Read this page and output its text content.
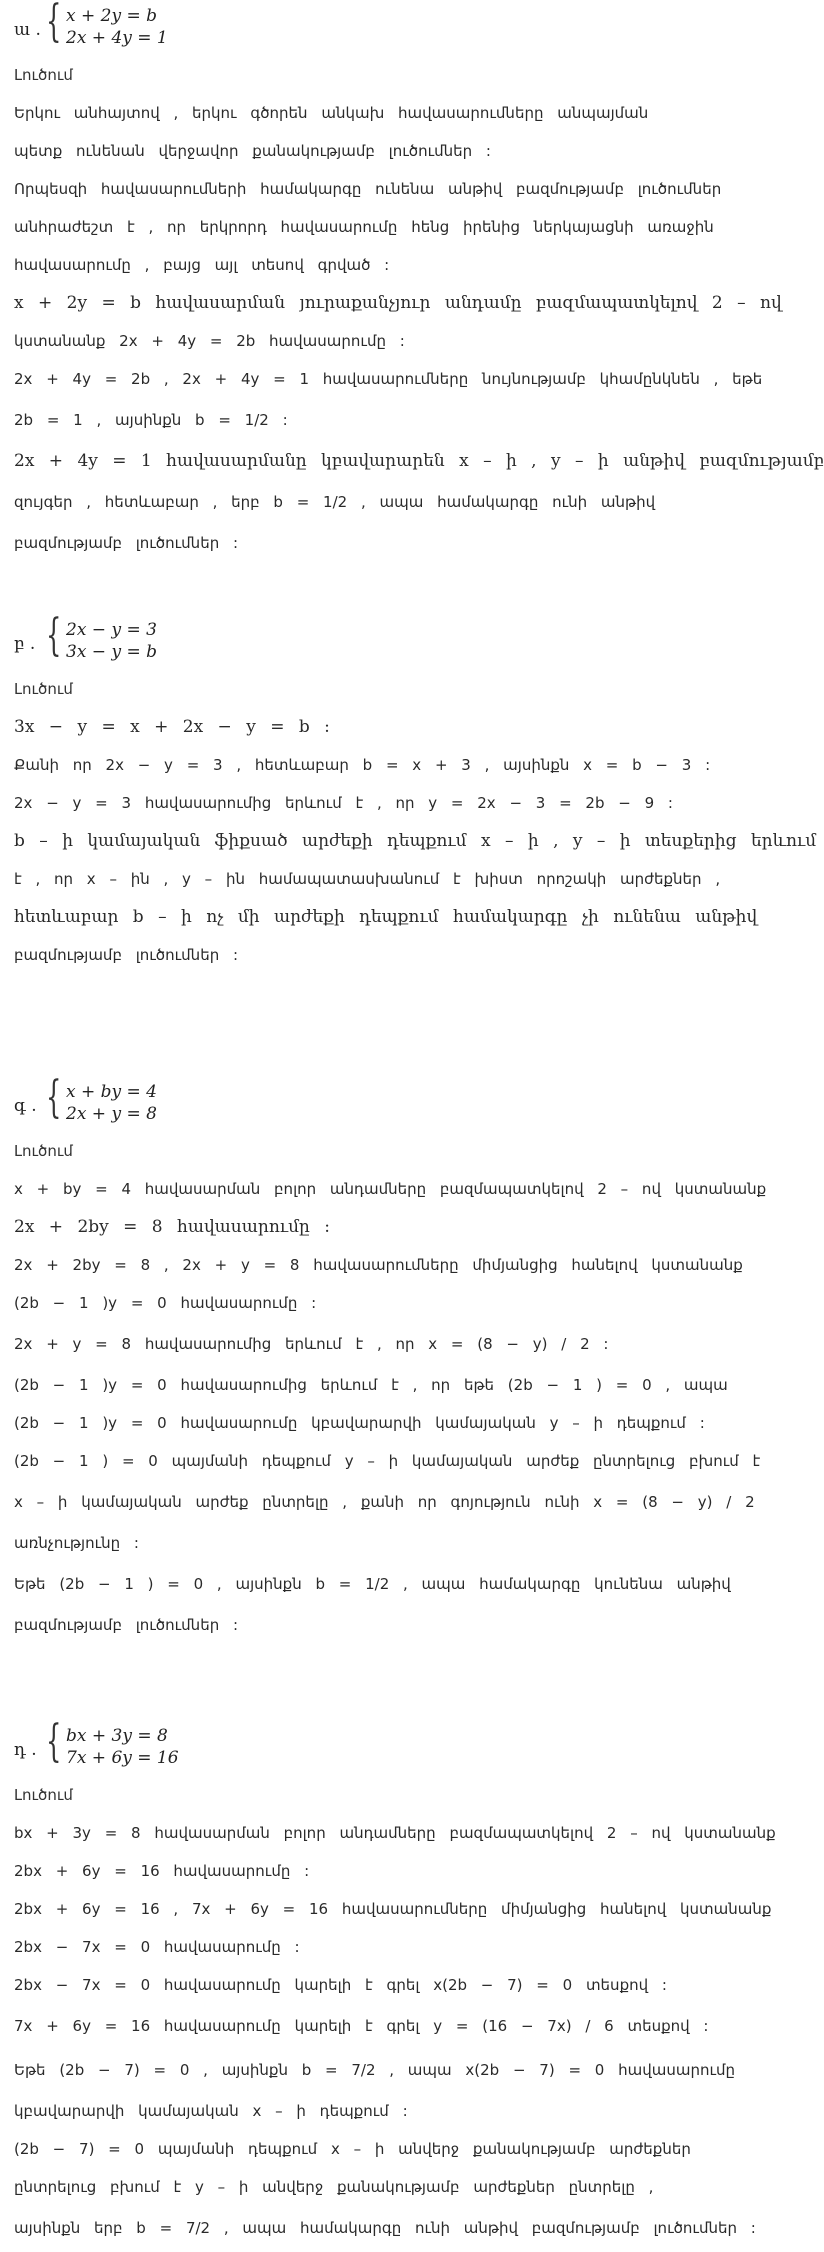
ա . { x + 2y = b
2x + 4y = 1
Լուծում
Երկու անհայտով , երկու գծորեն անկախ հավասարումները անպայման
պետք ունենան վերջավոր քանակությամբ լուծումներ :
Որպեսզի հավասարումների համակարգը ունենա անթիվ բազմությամբ լուծումներ
անհրաժեշտ է , որ երկրորդ հավասարումը հենց իրենից ներկայացնի առաջին
հավասարումը , բայց այլ տեսով գրված :
x + 2y = b հավասարման յուրաքանչյուր անդամը բազմապատկելով 2 – ով
կստանանք 2x + 4y = 2b հավասարումը :
2x + 4y = 2b , 2x + 4y = 1 հավասարումները նույնությամբ կհամընկնեն , եթե
2b = 1 , այսինքն b = 1/2 :
2x + 4y = 1 հավասարմանը կբավարարեն x – ի , y – ի անթիվ բազմությամբ
զույգեր , հետևաբար , երբ b = 1/2 , ապա համակարգը ունի անթիվ
բազմությամբ լուծումներ :
բ . { 2x − y = 3
3x − y = b
Լուծում
3x − y = x + 2x − y = b :
Քանի որ 2x − y = 3 , հետևաբար b = x + 3 , այսինքն x = b − 3 :
2x − y = 3 հավասարումից երևում է , որ y = 2x − 3 = 2b − 9 :
b – ի կամայական ֆիքսած արժեքի դեպքում x – ի , y – ի տեսքերից երևում
է , որ x – ին , y – ին համապատասխանում է խիստ որոշակի արժեքներ ,
հետևաբար b – ի ոչ մի արժեքի դեպքում համակարգը չի ունենա անթիվ
բազմությամբ լուծումներ :
գ . { x + by = 4
2x + y = 8
Լուծում
x + by = 4 հավասարման բոլոր անդամները բազմապատկելով 2 – ով կստանանք
2x + 2by = 8 հավասարումը :
2x + 2by = 8 , 2x + y = 8 հավասարումները միմյանցից հանելով կստանանք
(2b − 1 )y = 0 հավասարումը :
2x + y = 8 հավասարումից երևում է , որ x = (8 − y) / 2 :
(2b − 1 )y = 0 հավասարումից երևում է , որ եթե (2b − 1 ) = 0 , ապա
(2b − 1 )y = 0 հավասարումը կբավարարվի կամայական y – ի դեպքում :
(2b − 1 ) = 0 պայմանի դեպքում y – ի կամայական արժեք ընտրելուց բխում է
x – ի կամայական արժեք ընտրելը , քանի որ գոյություն ունի x = (8 − y) / 2
առնչությունը :
Եթե (2b − 1 ) = 0 , այսինքն b = 1/2 , ապա համակարգը կունենա անթիվ
բազմությամբ լուծումներ :
դ . { bx + 3y = 8
7x + 6y = 16
Լուծում
bx + 3y = 8 հավասարման բոլոր անդամները բազմապատկելով 2 – ով կստանանք
2bx + 6y = 16 հավասարումը :
2bx + 6y = 16 , 7x + 6y = 16 հավասարումները միմյանցից հանելով կստանանք
2bx − 7x = 0 հավասարումը :
2bx − 7x = 0 հավասարումը կարելի է գրել x(2b − 7) = 0 տեսքով :
7x + 6y = 16 հավասարումը կարելի է գրել y = (16 − 7x) / 6 տեսքով :
Եթե (2b − 7) = 0 , այսինքն b = 7/2 , ապա x(2b − 7) = 0 հավասարումը
կբավարարվի կամայական x – ի դեպքում :
(2b − 7) = 0 պայմանի դեպքում x – ի անվերջ քանակությամբ արժեքներ
ընտրելուց բխում է y – ի անվերջ քանակությամբ արժեքներ ընտրելը ,
այսինքն երբ b = 7/2 , ապա համակարգը ունի անթիվ բազմությամբ լուծումներ :
